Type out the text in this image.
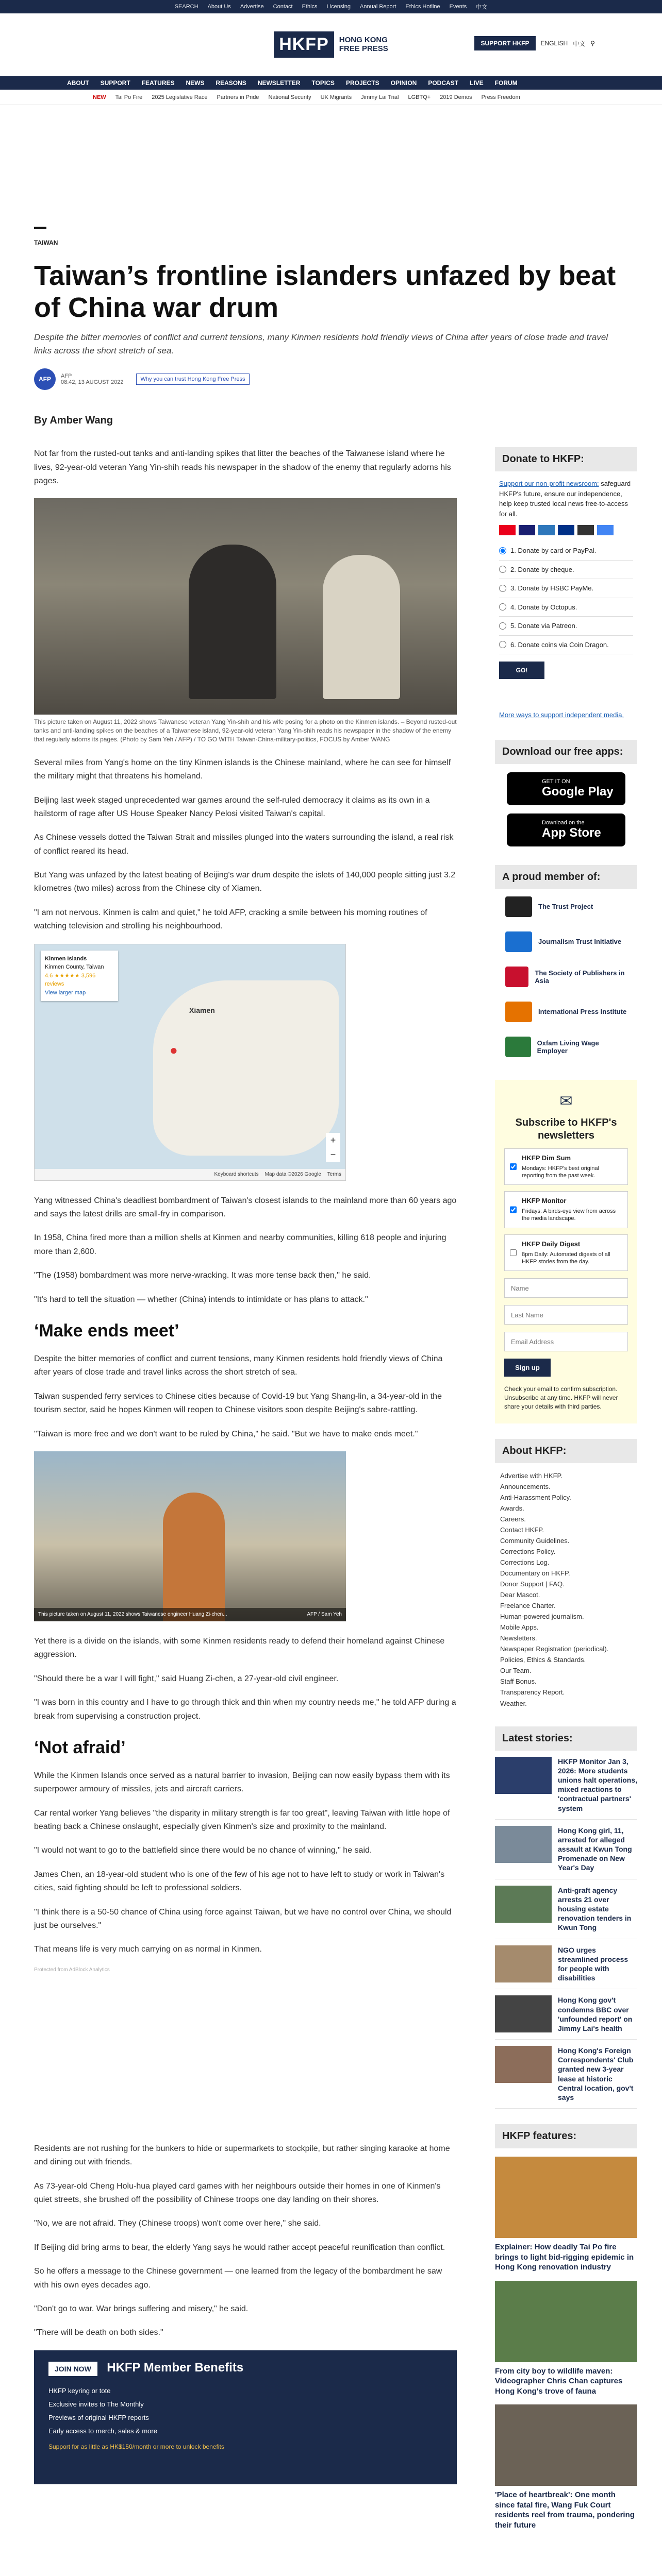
SEARCH About Us Advertise Contact Ethics Licensing Annual Report Ethics Hotline Events 中文
HKFP	HONG KONG
FREE PRESS
SUPPORT HKFP	ENGLISH 中文 ⚲
ABOUT SUPPORT FEATURES NEWS REASONS NEWSLETTER TOPICS PROJECTS OPINION PODCAST LIVE FORUM
NEW Tai Po Fire 2025 Legislative Race Partners in Pride National Security UK Migrants Jimmy Lai Trial LGBTQ+ 2019 Demos Press Freedom
TAIWAN
Taiwan’s frontline islanders unfazed by beat of China war drum
Despite the bitter memories of conflict and current tensions, many Kinmen residents hold friendly views of China after years of close trade and travel links across the short stretch of sea.
AFP	AFP
08:42, 13 AUGUST 2022	Why you can trust Hong Kong Free Press
By Amber Wang

Not far from the rusted-out tanks and anti-landing spikes that litter the beaches of the Taiwanese island where he lives, 92-year-old veteran Yang Yin-shih reads his newspaper in the shadow of the enemy that regularly adorns his pages.

This picture taken on August 11, 2022 shows Taiwanese veteran Yang Yin-shih and his wife posing for a photo on the Kinmen islands. – Beyond rusted-out tanks and anti-landing spikes on the beaches of a Taiwanese island, 92-year-old veteran Yang Yin-shih reads his newspaper in the shadow of the enemy that regularly adorns its pages. (Photo by Sam Yeh / AFP) / TO GO WITH Taiwan-China-military-politics, FOCUS by Amber WANG

Several miles from Yang's home on the tiny Kinmen islands is the Chinese mainland, where he can see for himself the military might that threatens his homeland.

Beijing last week staged unprecedented war games around the self-ruled democracy it claims as its own in a hailstorm of rage after US House Speaker Nancy Pelosi visited Taiwan's capital.

As Chinese vessels dotted the Taiwan Strait and missiles plunged into the waters surrounding the island, a real risk of conflict reared its head.

But Yang was unfazed by the latest beating of Beijing's war drum despite the islets of 140,000 people sitting just 3.2 kilometres (two miles) across from the Chinese city of Xiamen.

"I am not nervous. Kinmen is calm and quiet," he told AFP, cracking a smile between his morning routines of watching television and strolling his neighbourhood.

Xiamen
●
Kinmen Islands
Kinmen County, Taiwan
4.6 ★★★★★ 3,596 reviews
View larger map
+
−
Keyboard shortcuts Map data ©2026 Google Terms

Yang witnessed China's deadliest bombardment of Taiwan's closest islands to the mainland more than 60 years ago and says the latest drills are small-fry in comparison.

In 1958, China fired more than a million shells at Kinmen and nearby communities, killing 618 people and injuring more than 2,600.

"The (1958) bombardment was more nerve-wracking. It was more tense back then," he said.

"It's hard to tell the situation — whether (China) intends to intimidate or has plans to attack."

‘Make ends meet’

Despite the bitter memories of conflict and current tensions, many Kinmen residents hold friendly views of China after years of close trade and travel links across the short stretch of sea.

Taiwan suspended ferry services to Chinese cities because of Covid-19 but Yang Shang-lin, a 34-year-old in the tourism sector, said he hopes Kinmen will reopen to Chinese visitors soon despite Beijing's sabre-rattling.

"Taiwan is more free and we don't want to be ruled by China," he said. "But we have to make ends meet."

This picture taken on August 11, 2022 shows Taiwanese engineer Huang Zi-chen...	AFP / Sam Yeh

Yet there is a divide on the islands, with some Kinmen residents ready to defend their homeland against Chinese aggression.

"Should there be a war I will fight," said Huang Zi-chen, a 27-year-old civil engineer.

"I was born in this country and I have to go through thick and thin when my country needs me," he told AFP during a break from supervising a construction project.

‘Not afraid’

While the Kinmen Islands once served as a natural barrier to invasion, Beijing can now easily bypass them with its superpower armoury of missiles, jets and aircraft carriers.

Car rental worker Yang believes "the disparity in military strength is far too great", leaving Taiwan with little hope of beating back a Chinese onslaught, especially given Kinmen's size and proximity to the mainland.

"I would not want to go to the battlefield since there would be no chance of winning," he said.

James Chen, an 18-year-old student who is one of the few of his age not to have left to study or work in Taiwan's cities, said fighting should be left to professional soldiers.

"I think there is a 50-50 chance of China using force against Taiwan, but we have no control over China, we should just be ourselves."

That means life is very much carrying on as normal in Kinmen.

Protected from AdBlock Analytics

Residents are not rushing for the bunkers to hide or supermarkets to stockpile, but rather singing karaoke at home and dining out with friends.

As 73-year-old Cheng Holu-hua played card games with her neighbours outside their homes in one of Kinmen's quiet streets, she brushed off the possibility of Chinese troops one day landing on their shores.

"No, we are not afraid. They (Chinese troops) won't come over here," she said.

If Beijing did bring arms to bear, the elderly Yang says he would rather accept peaceful reunification than conflict.

So he offers a message to the Chinese government — one learned from the legacy of the bombardment he saw with his own eyes decades ago.

"Don't go to war. War brings suffering and misery," he said.

"There will be death on both sides."

JOIN NOW HKFP Member Benefits
HKFP keyring or tote
Exclusive invites to The Monthly
Previews of original HKFP reports
Early access to merch, sales & more
Support for as little as HK$150/month or more to unlock benefits
Donate to HKFP:
Support our non-profit newsroom: safeguard HKFP's future, ensure our independence, help keep trusted local news free-to-access for all.
1. Donate by card or PayPal.
2. Donate by cheque.
3. Donate by HSBC PayMe.
4. Donate by Octopus.
5. Donate via Patreon.
6. Donate coins via Coin Dragon.
GO!
More ways to support independent media.
Download our free apps:
GET IT ON
Google Play
Download on the
App Store
A proud member of:
The Trust Project
Journalism Trust Initiative
The Society of Publishers in Asia
International Press Institute
Oxfam Living Wage Employer
✉
Subscribe to HKFP's newsletters
HKFP Dim Sum
Mondays: HKFP's best original reporting from the past week.
HKFP Monitor
Fridays: A birds-eye view from across the media landscape.
HKFP Daily Digest
8pm Daily: Automated digests of all HKFP stories from the day.
Name
Last Name
Email Address
Sign up
Check your email to confirm subscription. Unsubscribe at any time. HKFP will never share your details with third parties.
About HKFP:
Advertise with HKFP.
Announcements.
Anti-Harassment Policy.
Awards.
Careers.
Contact HKFP.
Community Guidelines.
Corrections Policy.
Corrections Log.
Documentary on HKFP.
Donor Support | FAQ.
Dear Mascot.
Freelance Charter.
Human-powered journalism.
Mobile Apps.
Newsletters.
Newspaper Registration (periodical).
Policies, Ethics & Standards.
Our Team.
Staff Bonus.
Transparency Report.
Weather.
Latest stories:

HKFP Monitor Jan 3, 2026: More students unions halt operations, mixed reactions to 'contractual partners' system

Hong Kong girl, 11, arrested for alleged assault at Kwun Tong Promenade on New Year's Day

Anti-graft agency arrests 21 over housing estate renovation tenders in Kwun Tong

NGO urges streamlined process for people with disabilities

Hong Kong gov't condemns BBC over 'unfounded report' on Jimmy Lai's health

Hong Kong's Foreign Correspondents' Club granted new 3-year lease at historic Central location, gov't says

HKFP features:

Explainer: How deadly Tai Po fire brings to light bid-rigging epidemic in Hong Kong renovation industry

From city boy to wildlife maven: Videographer Chris Chan captures Hong Kong's trove of fauna

'Place of heartbreak': One month since fatal fire, Wang Fuk Court residents reel from trauma, pondering their future
